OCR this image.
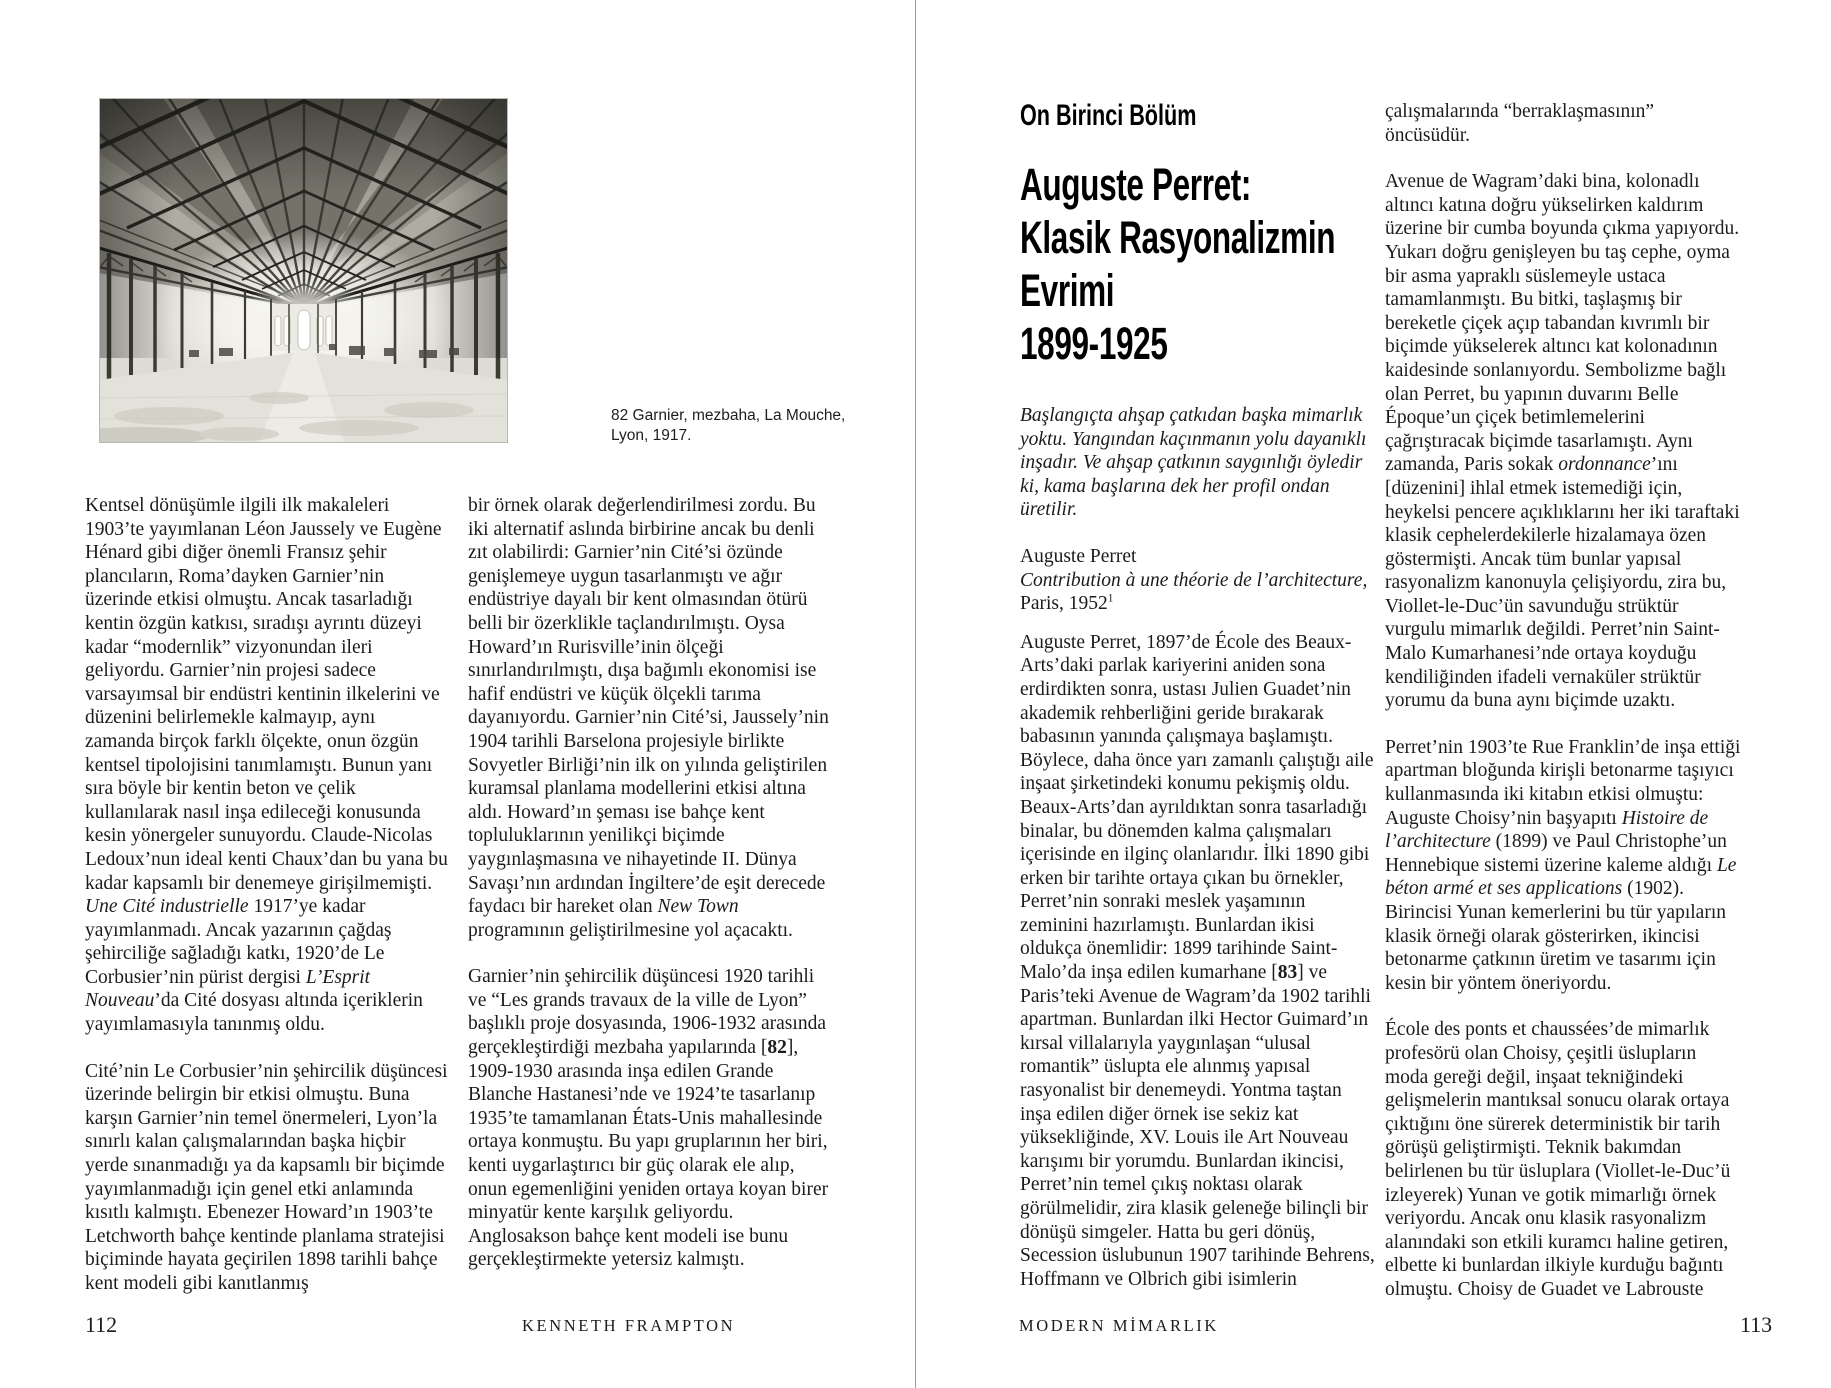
82 Garnier, mezbaha, La Mouche,
Lyon, 1917.

Kentsel dönüşümle ilgili ilk makaleleri 1903’te yayımlanan Léon Jaussely ve Eugène Hénard gibi diğer önemli Fransız şehir plancıların, Roma’dayken Garnier’nin üzerinde etkisi olmuştu. Ancak tasarladığı kentin özgün katkısı, sıradışı ayrıntı düzeyi kadar “modernlik” vizyonundan ileri geliyordu. Garnier’nin projesi sadece varsayımsal bir endüstri kentinin ilkelerini ve düzenini belirlemekle kalmayıp, aynı zamanda birçok farklı ölçekte, onun özgün kentsel tipolojisini tanımlamıştı. Bunun yanı sıra böyle bir kentin beton ve çelik kullanılarak nasıl inşa edileceği konusunda kesin yönergeler sunuyordu. Claude-Nicolas Ledoux’nun ideal kenti Chaux’dan bu yana bu kadar kapsamlı bir denemeye girişilmemişti. Une Cité industrielle 1917’ye kadar yayımlanmadı. Ancak yazarının çağdaş şehirciliğe sağladığı katkı, 1920’de Le Corbusier’nin pürist dergisi L’Esprit Nouveau’da Cité dosyası altında içeriklerin yayımlamasıyla tanınmış oldu.

Cité’nin Le Corbusier’nin şehircilik düşüncesi üzerinde belirgin bir etkisi olmuştu. Buna karşın Garnier’nin temel önermeleri, Lyon’la sınırlı kalan çalışmalarından başka hiçbir yerde sınanmadığı ya da kapsamlı bir biçimde yayımlanmadığı için genel etki anlamında kısıtlı kalmıştı. Ebenezer Howard’ın 1903’te Letchworth bahçe kentinde planlama stratejisi biçiminde hayata geçirilen 1898 tarihli bahçe kent modeli gibi kanıtlanmış

bir örnek olarak değerlendirilmesi zordu. Bu iki alternatif aslında birbirine ancak bu denli zıt olabilirdi: Garnier’nin Cité’si özünde genişlemeye uygun tasarlanmıştı ve ağır endüstriye dayalı bir kent olmasından ötürü belli bir özerklikle taçlandırılmıştı. Oysa Howard’ın Rurisville’inin ölçeği sınırlandırılmıştı, dışa bağımlı ekonomisi ise hafif endüstri ve küçük ölçekli tarıma dayanıyordu. Garnier’nin Cité’si, Jaussely’nin 1904 tarihli Barselona projesiyle birlikte Sovyetler Birliği’nin ilk on yılında geliştirilen kuramsal planlama modellerini etkisi altına aldı. Howard’ın şeması ise bahçe kent topluluklarının yenilikçi biçimde yaygınlaşmasına ve nihayetinde II. Dünya Savaşı’nın ardından İngiltere’de eşit derecede faydacı bir hareket olan New Town programının geliştirilmesine yol açacaktı.

Garnier’nin şehircilik düşüncesi 1920 tarihli ve “Les grands travaux de la ville de Lyon” başlıklı proje dosyasında, 1906-1932 arasında gerçekleştirdiği mezbaha yapılarında [82], 1909-1930 arasında inşa edilen Grande Blanche Hastanesi’nde ve 1924’te tasarlanıp 1935’te tamamlanan États-Unis mahallesinde ortaya konmuştu. Bu yapı gruplarının her biri, kenti uygarlaştırıcı bir güç olarak ele alıp, onun egemenliğini yeniden ortaya koyan birer minyatür kente karşılık geliyordu. Anglosakson bahçe kent modeli ise bunu gerçekleştirmekte yetersiz kalmıştı.

112	KENNETH FRAMPTON
On Birinci Bölüm
Auguste Perret:
Klasik Rasyonalizmin
Evrimi
1899-1925

Başlangıçta ahşap çatkıdan başka mimarlık yoktu. Yangından kaçınmanın yolu dayanıklı inşadır. Ve ahşap çatkının saygınlığı öyledir ki, kama başlarına dek her profil ondan üretilir.

Auguste Perret

Contribution à une théorie de l’architecture,

Paris, 1952$^1$

Auguste Perret, 1897’de École des Beaux-Arts’daki parlak kariyerini aniden sona erdirdikten sonra, ustası Julien Guadet’nin akademik rehberliğini geride bırakarak babasının yanında çalışmaya başlamıştı. Böylece, daha önce yarı zamanlı çalıştığı aile inşaat şirketindeki konumu pekişmiş oldu. Beaux-Arts’dan ayrıldıktan sonra tasarladığı binalar, bu dönemden kalma çalışmaları içerisinde en ilginç olanlarıdır. İlki 1890 gibi erken bir tarihte ortaya çıkan bu örnekler, Perret’nin sonraki meslek yaşamının zeminini hazırlamıştı. Bunlardan ikisi oldukça önemlidir: 1899 tarihinde Saint-Malo’da inşa edilen kumarhane [83] ve Paris’teki Avenue de Wagram’da 1902 tarihli apartman. Bunlardan ilki Hector Guimard’ın kırsal villalarıyla yaygınlaşan “ulusal romantik” üslupta ele alınmış yapısal rasyonalist bir denemeydi. Yontma taştan inşa edilen diğer örnek ise sekiz kat yüksekliğinde, XV. Louis ile Art Nouveau karışımı bir yorumdu. Bunlardan ikincisi, Perret’nin temel çıkış noktası olarak görülmelidir, zira klasik geleneğe bilinçli bir dönüşü simgeler. Hatta bu geri dönüş, Secession üslubunun 1907 tarihinde Behrens, Hoffmann ve Olbrich gibi isimlerin

çalışmalarında “berraklaşmasının” öncüsüdür.

Avenue de Wagram’daki bina, kolonadlı altıncı katına doğru yükselirken kaldırım üzerine bir cumba boyunda çıkma yapıyordu. Yukarı doğru genişleyen bu taş cephe, oyma bir asma yapraklı süslemeyle ustaca tamamlanmıştı. Bu bitki, taşlaşmış bir bereketle çiçek açıp tabandan kıvrımlı bir biçimde yükselerek altıncı kat kolonadının kaidesinde sonlanıyordu. Sembolizme bağlı olan Perret, bu yapının duvarını Belle Époque’un çiçek betimlemelerini çağrıştıracak biçimde tasarlamıştı. Aynı zamanda, Paris sokak ordonnance’ını [düzenini] ihlal etmek istemediği için, heykelsi pencere açıklıklarını her iki taraftaki klasik cephelerdekilerle hizalamaya özen göstermişti. Ancak tüm bunlar yapısal rasyonalizm kanonuyla çelişiyordu, zira bu, Viollet-le-Duc’ün savunduğu strüktür vurgulu mimarlık değildi. Perret’nin Saint-Malo Kumarhanesi’nde ortaya koyduğu kendiliğinden ifadeli vernaküler strüktür yorumu da buna aynı biçimde uzaktı.

Perret’nin 1903’te Rue Franklin’de inşa ettiği apartman bloğunda kirişli betonarme taşıyıcı kullanmasında iki kitabın etkisi olmuştu: Auguste Choisy’nin başyapıtı Histoire de l’architecture (1899) ve Paul Christophe’un Hennebique sistemi üzerine kaleme aldığı Le béton armé et ses applications (1902). Birincisi Yunan kemerlerini bu tür yapıların klasik örneği olarak gösterirken, ikincisi betonarme çatkının üretim ve tasarımı için kesin bir yöntem öneriyordu.

École des ponts et chaussées’de mimarlık profesörü olan Choisy, çeşitli üslupların moda gereği değil, inşaat tekniğindeki gelişmelerin mantıksal sonucu olarak ortaya çıktığını öne sürerek deterministik bir tarih görüşü geliştirmişti. Teknik bakımdan belirlenen bu tür üsluplara (Viollet-le-Duc’ü izleyerek) Yunan ve gotik mimarlığı örnek veriyordu. Ancak onu klasik rasyonalizm alanındaki son etkili kuramcı haline getiren, elbette ki bunlardan ilkiyle kurduğu bağıntı olmuştu. Choisy de Guadet ve Labrouste

MODERN MİMARLIK	113
